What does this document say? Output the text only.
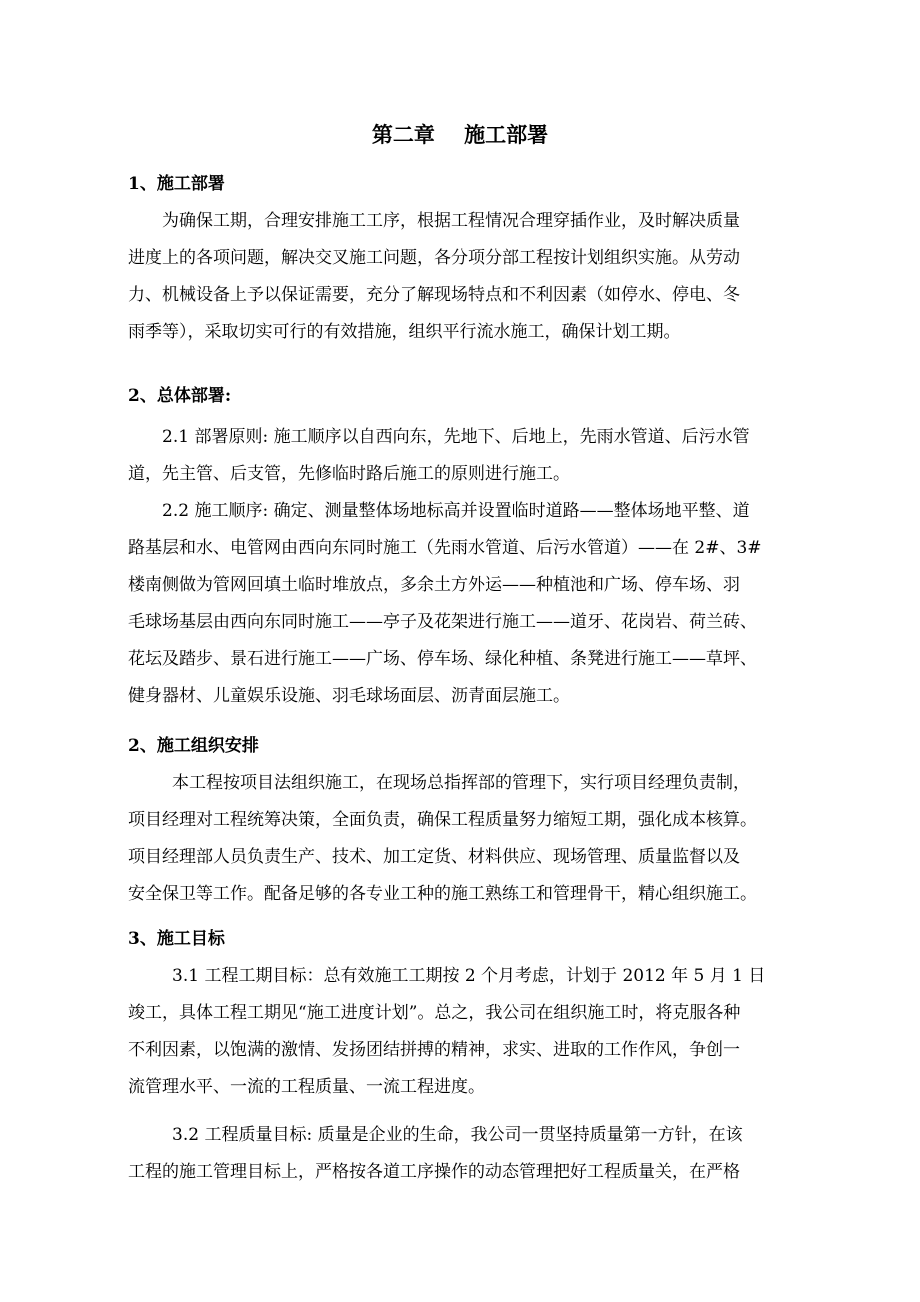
第二章    施工部署
1、施工部署
为确保工期，合理安排施工工序，根据工程情况合理穿插作业，及时解决质量
进度上的各项问题，解决交叉施工问题，各分项分部工程按计划组织实施。从劳动
力、机械设备上予以保证需要，充分了解现场特点和不利因素（如停水、停电、冬
雨季等），采取切实可行的有效措施，组织平行流水施工，确保计划工期。
2、总体部署:
2.1 部署原则: 施工顺序以自西向东，先地下、后地上，先雨水管道、后污水管
道，先主管、后支管，先修临时路后施工的原则进行施工。
2.2 施工顺序: 确定、测量整体场地标高并设置临时道路——整体场地平整、道
路基层和水、电管网由西向东同时施工（先雨水管道、后污水管道）——在 2#、3#
楼南侧做为管网回填土临时堆放点，多余土方外运——种植池和广场、停车场、羽
毛球场基层由西向东同时施工——亭子及花架进行施工——道牙、花岗岩、荷兰砖、
花坛及踏步、景石进行施工——广场、停车场、绿化种植、条凳进行施工——草坪、
健身器材、儿童娱乐设施、羽毛球场面层、沥青面层施工。
2、施工组织安排
本工程按项目法组织施工，在现场总指挥部的管理下，实行项目经理负责制，
项目经理对工程统筹决策，全面负责，确保工程质量努力缩短工期，强化成本核算。
项目经理部人员负责生产、技术、加工定货、材料供应、现场管理、质量监督以及
安全保卫等工作。配备足够的各专业工种的施工熟练工和管理骨干，精心组织施工。
3、施工目标
3.1 工程工期目标：总有效施工工期按 2 个月考虑，计划于 2012 年 5 月 1 日
竣工，具体工程工期见“施工进度计划”。总之，我公司在组织施工时，将克服各种
不利因素，以饱满的激情、发扬团结拼搏的精神，求实、进取的工作作风，争创一
流管理水平、一流的工程质量、一流工程进度。
3.2 工程质量目标: 质量是企业的生命，我公司一贯坚持质量第一方针，在该
工程的施工管理目标上，严格按各道工序操作的动态管理把好工程质量关，在严格
